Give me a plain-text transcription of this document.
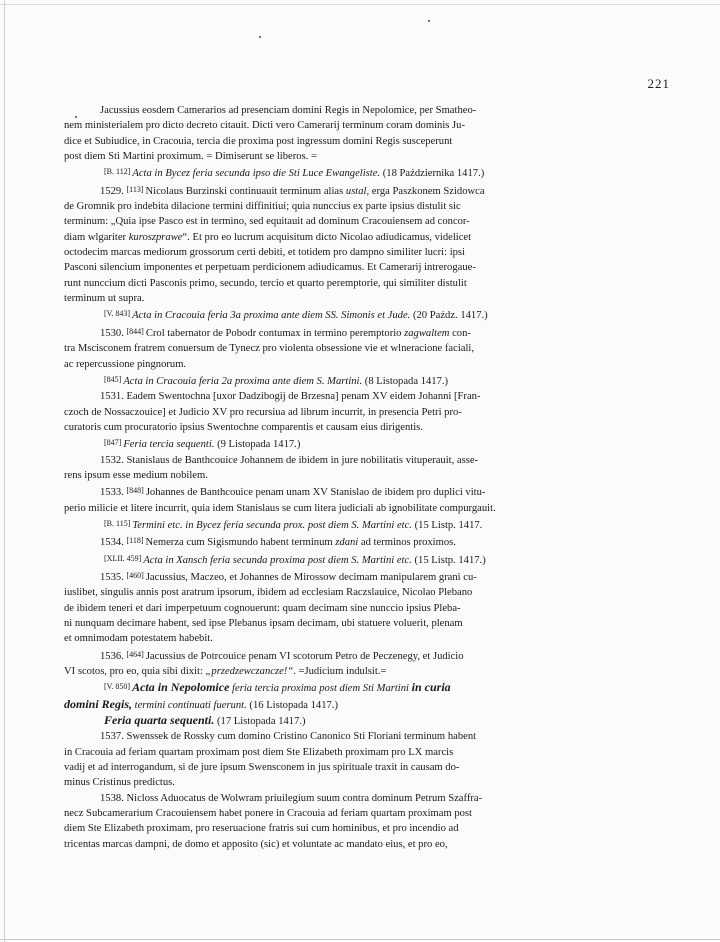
221
Jacussius eosdem Camerarios ad presenciam domini Regis in Nepolomice, per Smatheo-
nem ministerialem pro dicto decreto citauit. Dicti vero Camerarij terminum coram dominis Ju-
dice et Subiudice, in Cracouia, tercia die proxima post ingressum domini Regis susceperunt
post diem Sti Martini proximum. = Dimiserunt se liberos. =
[B. 112] Acta in Bycez feria secunda ipso die Sti Luce Ewangeliste. (18 Października 1417.)
1529. [113] Nicolaus Burzinski continuauit terminum alias ustal, erga Paszkonem Szidowca
de Gromnik pro indebita dilacione termini diffinitiui; quia nunccius ex parte ipsius distulit sic
terminum: „Quia ipse Pasco est in termino, sed equitauit ad dominum Cracouiensem ad concor-
diam wlgariter kuroszprawe“. Et pro eo lucrum acquisitum dicto Nicolao adiudicamus, videlicet
octodecim marcas mediorum grossorum certi debiti, et totidem pro dampno similiter lucri: ipsi
Pasconi silencium imponentes et perpetuam perdicionem adiudicamus. Et Camerarij intrerogaue-
runt nunccium dicti Pasconis primo, secundo, tercio et quarto peremptorie, qui similiter distulit
terminum ut supra.
[V. 843] Acta in Cracouia feria 3a proxima ante diem SS. Simonis et Jude. (20 Paźdz. 1417.)
1530. [844] Crol tabernator de Pobodr contumax in termino peremptorio zagwaltem con-
tra Mscisconem fratrem conuersum de Tynecz pro violenta obsessione vie et wlneracione faciali,
ac repercussione pingnorum.
[845] Acta in Cracouia feria 2a proxima ante diem S. Martini. (8 Listopada 1417.)
1531. Eadem Swentochna [uxor Dadzibogij de Brzesna] penam XV eidem Johanni [Fran-
czoch de Nossaczouice] et Judicio XV pro recursiua ad librum incurrit, in presencia Petri pro-
curatoris cum procuratorio ipsius Swentochne comparentis et causam eius dirigentis.
[847] Feria tercia sequenti. (9 Listopada 1417.)
1532. Stanislaus de Banthcouice Johannem de ibidem in jure nobilitatis vituperauit, asse-
rens ipsum esse medium nobilem.
1533. [848] Johannes de Banthcouice penam unam XV Stanislao de ibidem pro duplici vitu-
perio milicie et litere incurrit, quia idem Stanislaus se cum litera judiciali ab ignobilitate compurgauit.
[B. 115] Termini etc. in Bycez feria secunda prox. post diem S. Martini etc. (15 Listp. 1417.
1534. [118] Nemerza cum Sigismundo habent terminum zdani ad terminos proximos.
[XLII. 459] Acta in Xansch feria secunda proxima post diem S. Martini etc. (15 Listp. 1417.)
1535. [460] Jacussius, Maczeo, et Johannes de Mirossow decimam manipularem grani cu-
iuslibet, singulis annis post aratrum ipsorum, ibidem ad ecclesiam Raczslauice, Nicolao Plebano
de ibidem teneri et dari imperpetuum cognouerunt: quam decimam sine nunccio ipsius Pleba-
ni nunquam decimare habent, sed ipse Plebanus ipsam decimam, ubi statuere voluerit, plenam
et omnimodam potestatem habebit.
1536. [464] Jacussius de Potrcouice penam VI scotorum Petro de Peczenegy, et Judicio
VI scotos, pro eo, quia sibi dixit: „przedzewczancze!“. =Judicium indulsit.=
[V. 850] Acta in Nepolomice feria tercia proxima post diem Sti Martini in curia
domini Regis, termini continuati fuerunt. (16 Listopada 1417.)
Feria quarta sequenti. (17 Listopada 1417.)
1537. Swenssek de Rossky cum domino Cristino Canonico Sti Floriani terminum habent
in Cracouia ad feriam quartam proximam post diem Ste Elizabeth proximam pro LX marcis
vadij et ad interrogandum, si de jure ipsum Swensconem in jus spirituale traxit in causam do-
minus Cristinus predictus.
1538. Nicloss Aduocatus de Wolwram priuilegium suum contra dominum Petrum Szaffra-
necz Subcamerarium Cracouiensem habet ponere in Cracouia ad feriam quartam proximam post
diem Ste Elizabeth proximam, pro reseruacione fratris sui cum hominibus, et pro incendio ad
tricentas marcas dampni, de domo et apposito (sic) et voluntate ac mandato eius, et pro eo,
